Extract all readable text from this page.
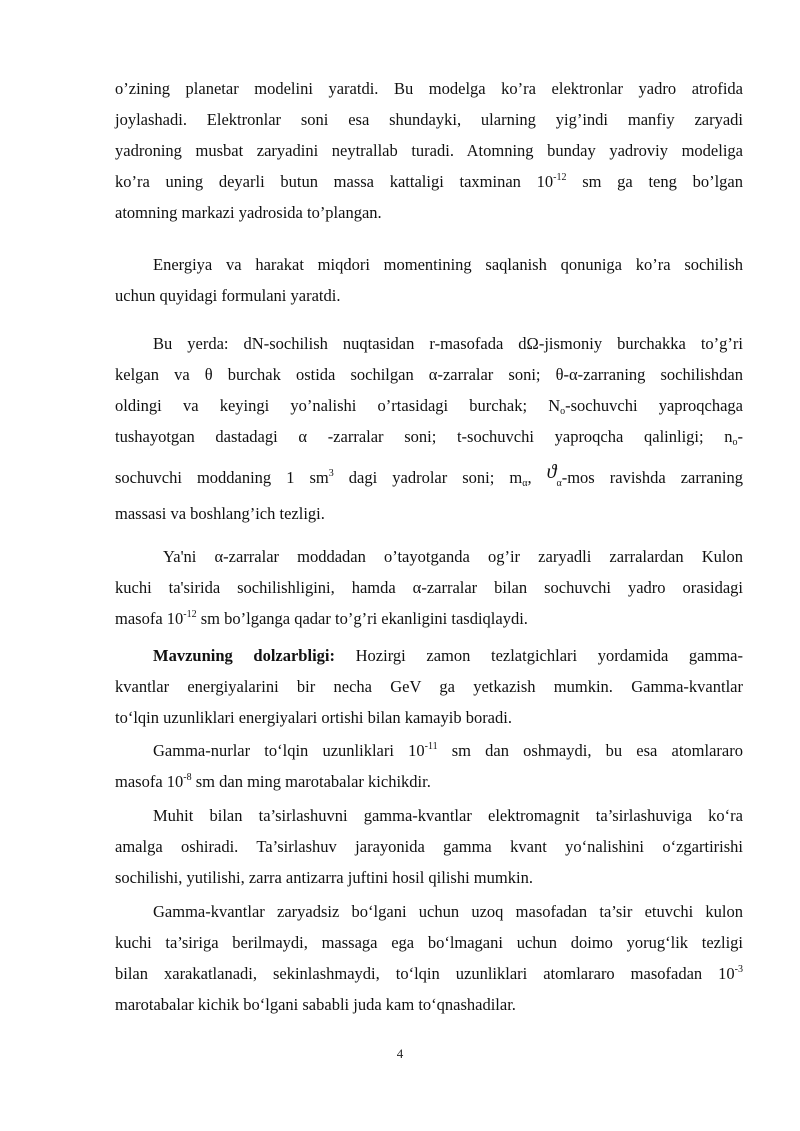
o’zining planetar modelini yaratdi. Bu modelga ko’ra elektronlar yadro atrofida
joylashadi. Elektronlar soni esa shundayki, ularning yig’indi manfiy zaryadi
yadroning musbat zaryadini neytrallab turadi. Atomning bunday yadroviy modeliga
ko’ra uning deyarli butun massa kattaligi taxminan $10^{-12}$ sm ga teng bo’lgan
atomning markazi yadrosida to’plangan.
Energiya va harakat miqdori momentining saqlanish qonuniga ko’ra sochilish
uchun quyidagi formulani yaratdi.
Bu yerda: dN-sochilish nuqtasidan r-masofada dΩ-jismoniy burchakka to’g’ri
kelgan va θ burchak ostida sochilgan α-zarralar soni; θ-α-zarraning sochilishdan
oldingi va keyingi yo’nalishi o’rtasidagi burchak; $N_o$-sochuvchi yaproqchaga
tushayotgan dastadagi α -zarralar soni; t-sochuvchi yaproqcha qalinligi; $n_o-$
sochuvchi moddaning 1 $sm^3$ dagi yadrolar soni; $m_\alpha$, $ϑ_\alpha$-mos ravishda zarraning
massasi va boshlang’ich tezligi.
Ya'ni α-zarralar moddadan o’tayotganda og’ir zaryadli zarralardan Kulon
kuchi ta'sirida sochilishligini, hamda α-zarralar bilan sochuvchi yadro orasidagi
masofa $10^{-12}$ sm bo’lganga qadar to’g’ri ekanligini tasdiqlaydi.
Mavzuning dolzarbligi: Hozirgi zamon tezlatgichlari yordamida gamma-
kvantlar energiyalarini bir necha GeV ga yetkazish mumkin. Gamma-kvantlar
to‘lqin uzunliklari energiyalari ortishi bilan kamayib boradi.
Gamma-nurlar to‘lqin uzunliklari $10^{-11}$ sm dan oshmaydi, bu esa atomlararo
masofa $10^{-8}$ sm dan ming marotabalar kichikdir.
Muhit bilan ta’sirlashuvni gamma-kvantlar elektromagnit ta’sirlashuviga ko‘ra
amalga oshiradi. Ta’sirlashuv jarayonida gamma kvant yo‘nalishini o‘zgartirishi
sochilishi, yutilishi, zarra antizarra juftini hosil qilishi mumkin.
Gamma-kvantlar zaryadsiz bo‘lgani uchun uzoq masofadan ta’sir etuvchi kulon
kuchi ta’siriga berilmaydi, massaga ega bo‘lmagani uchun doimo yorug‘lik tezligi
bilan xarakatlanadi, sekinlashmaydi, to‘lqin uzunliklari atomlararo masofadan $10^{-3}$
marotabalar kichik bo‘lgani sababli juda kam to‘qnashadilar.
4
